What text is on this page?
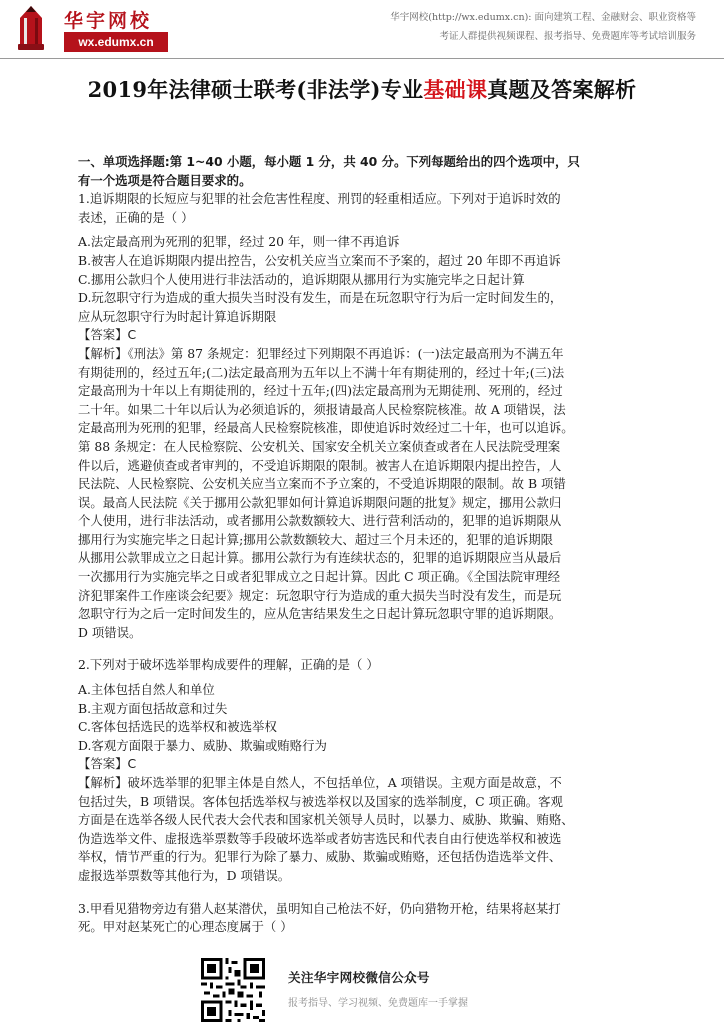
华宇网校
wx.edumx.cn
华宇网校(http://wx.edumx.cn): 面向建筑工程、金融财会、职业资格等
考证人群提供视频课程、报考指导、免费题库等考试培训服务
2019年法律硕士联考(非法学)专业基础课真题及答案解析

一、单项选择题:第 1~40 小题，每小题 1 分，共 40 分。下列每题给出的四个选项中，只

有一个选项是符合题目要求的。

1.追诉期限的长短应与犯罪的社会危害性程度、刑罚的轻重相适应。下列对于追诉时效的

表述，正确的是（ ）

A.法定最高刑为死刑的犯罪，经过 20 年，则一律不再追诉

B.被害人在追诉期限内提出控告，公安机关应当立案而不予案的，超过 20 年即不再追诉

C.挪用公款归个人使用进行非法活动的，追诉期限从挪用行为实施完毕之日起计算

D.玩忽职守行为造成的重大损失当时没有发生，而是在玩忽职守行为后一定时间发生的，

应从玩忽职守行为时起计算追诉期限

【答案】C

【解析】《刑法》第 87 条规定：犯罪经过下列期限不再追诉：(一)法定最高刑为不满五年

有期徒刑的，经过五年;(二)法定最高刑为五年以上不满十年有期徒刑的，经过十年;(三)法

定最高刑为十年以上有期徒刑的，经过十五年;(四)法定最高刑为无期徒刑、死刑的，经过

二十年。如果二十年以后认为必须追诉的，须报请最高人民检察院核准。故 A 项错误，法

定最高刑为死刑的犯罪，经最高人民检察院核准，即使追诉时效经过二十年，也可以追诉。

第 88 条规定：在人民检察院、公安机关、国家安全机关立案侦查或者在人民法院受理案

件以后，逃避侦查或者审判的，不受追诉期限的限制。被害人在追诉期限内提出控告，人

民法院、人民检察院、公安机关应当立案而不予立案的，不受追诉期限的限制。故 B 项错

误。最高人民法院《关于挪用公款犯罪如何计算追诉期限问题的批复》规定，挪用公款归

个人使用，进行非法活动，或者挪用公款数额较大、进行营利活动的，犯罪的追诉期限从

挪用行为实施完毕之日起计算;挪用公款数额较大、超过三个月未还的，犯罪的追诉期限

从挪用公款罪成立之日起计算。挪用公款行为有连续状态的，犯罪的追诉期限应当从最后

一次挪用行为实施完毕之日或者犯罪成立之日起计算。因此 C 项正确。《全国法院审理经

济犯罪案件工作座谈会纪要》规定：玩忽职守行为造成的重大损失当时没有发生，而是玩

忽职守行为之后一定时间发生的，应从危害结果发生之日起计算玩忽职守罪的追诉期限。

D 项错误。

2.下列对于破坏选举罪构成要件的理解，正确的是（ ）

A.主体包括自然人和单位

B.主观方面包括故意和过失

C.客体包括选民的选举权和被选举权

D.客观方面限于暴力、威胁、欺骗或贿赂行为

【答案】C

【解析】破坏选举罪的犯罪主体是自然人，不包括单位，A 项错误。主观方面是故意，不

包括过失，B 项错误。客体包括选举权与被选举权以及国家的选举制度，C 项正确。客观

方面是在选举各级人民代表大会代表和国家机关领导人员时，以暴力、威胁、欺骗、贿赂、

伪造选举文件、虚报选举票数等手段破坏选举或者妨害选民和代表自由行使选举权和被选

举权，情节严重的行为。犯罪行为除了暴力、威胁、欺骗或贿赂，还包括伪造选举文件、

虚报选举票数等其他行为，D 项错误。

3.甲看见猎物旁边有猎人赵某潜伏，虽明知自己枪法不好，仍向猎物开枪，结果将赵某打

死。甲对赵某死亡的心理态度属于（ ）

关注华宇网校微信公众号
报考指导、学习视频、免费题库一手掌握
